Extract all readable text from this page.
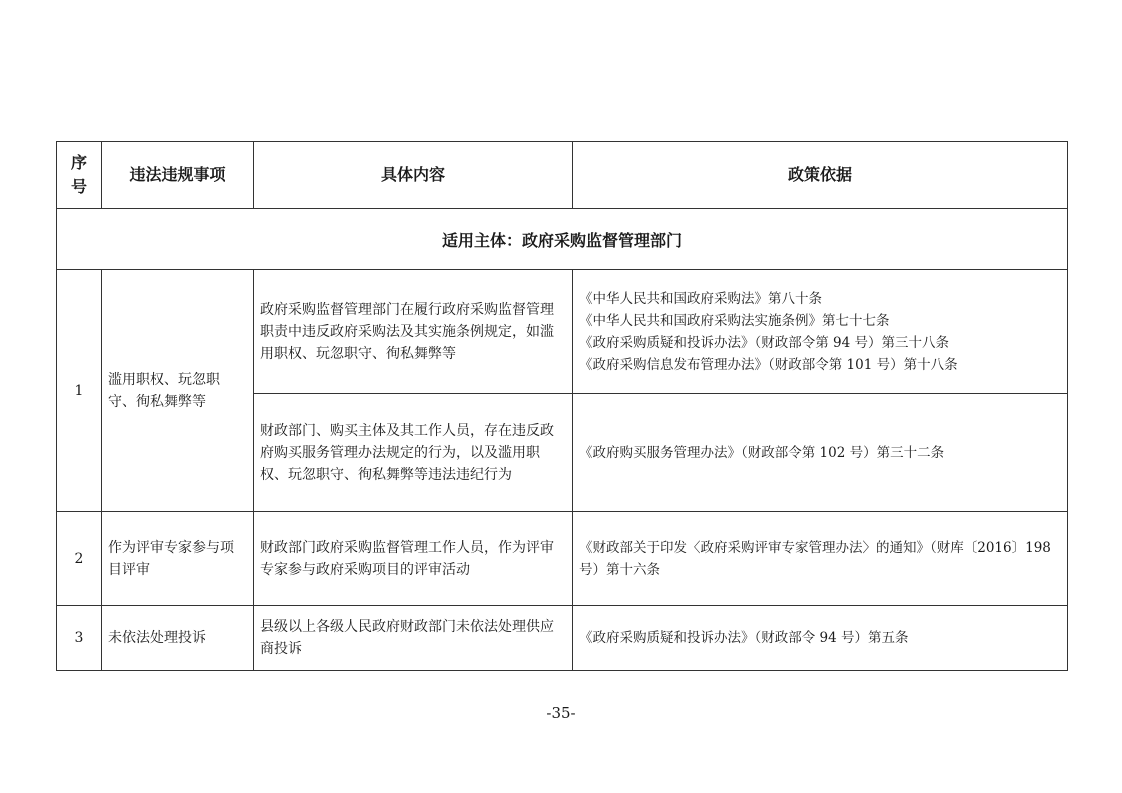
序号	违法违规事项	具体内容	政策依据
适用主体：政府采购监督管理部门			
1	滥用职权、玩忽职守、徇私舞弊等	政府采购监督管理部门在履行政府采购监督管理职责中违反政府采购法及其实施条例规定，如滥用职权、玩忽职守、徇私舞弊等	《中华人民共和国政府采购法》第八十条
《中华人民共和国政府采购法实施条例》第七十七条
《政府采购质疑和投诉办法》（财政部令第 94 号）第三十八条
《政府采购信息发布管理办法》（财政部令第 101 号）第十八条

		财政部门、购买主体及其工作人员，存在违反政府购买服务管理办法规定的行为，以及滥用职权、玩忽职守、徇私舞弊等违法违纪行为	《政府购买服务管理办法》（财政部令第 102 号）第三十二条

2	作为评审专家参与项目评审	财政部门政府采购监督管理工作人员，作为评审专家参与政府采购项目的评审活动	《财政部关于印发〈政府采购评审专家管理办法〉的通知》（财库〔2016〕198 号）第十六条
3	未依法处理投诉	县级以上各级人民政府财政部门未依法处理供应商投诉	《政府采购质疑和投诉办法》（财政部令 94 号）第五条
-35-
